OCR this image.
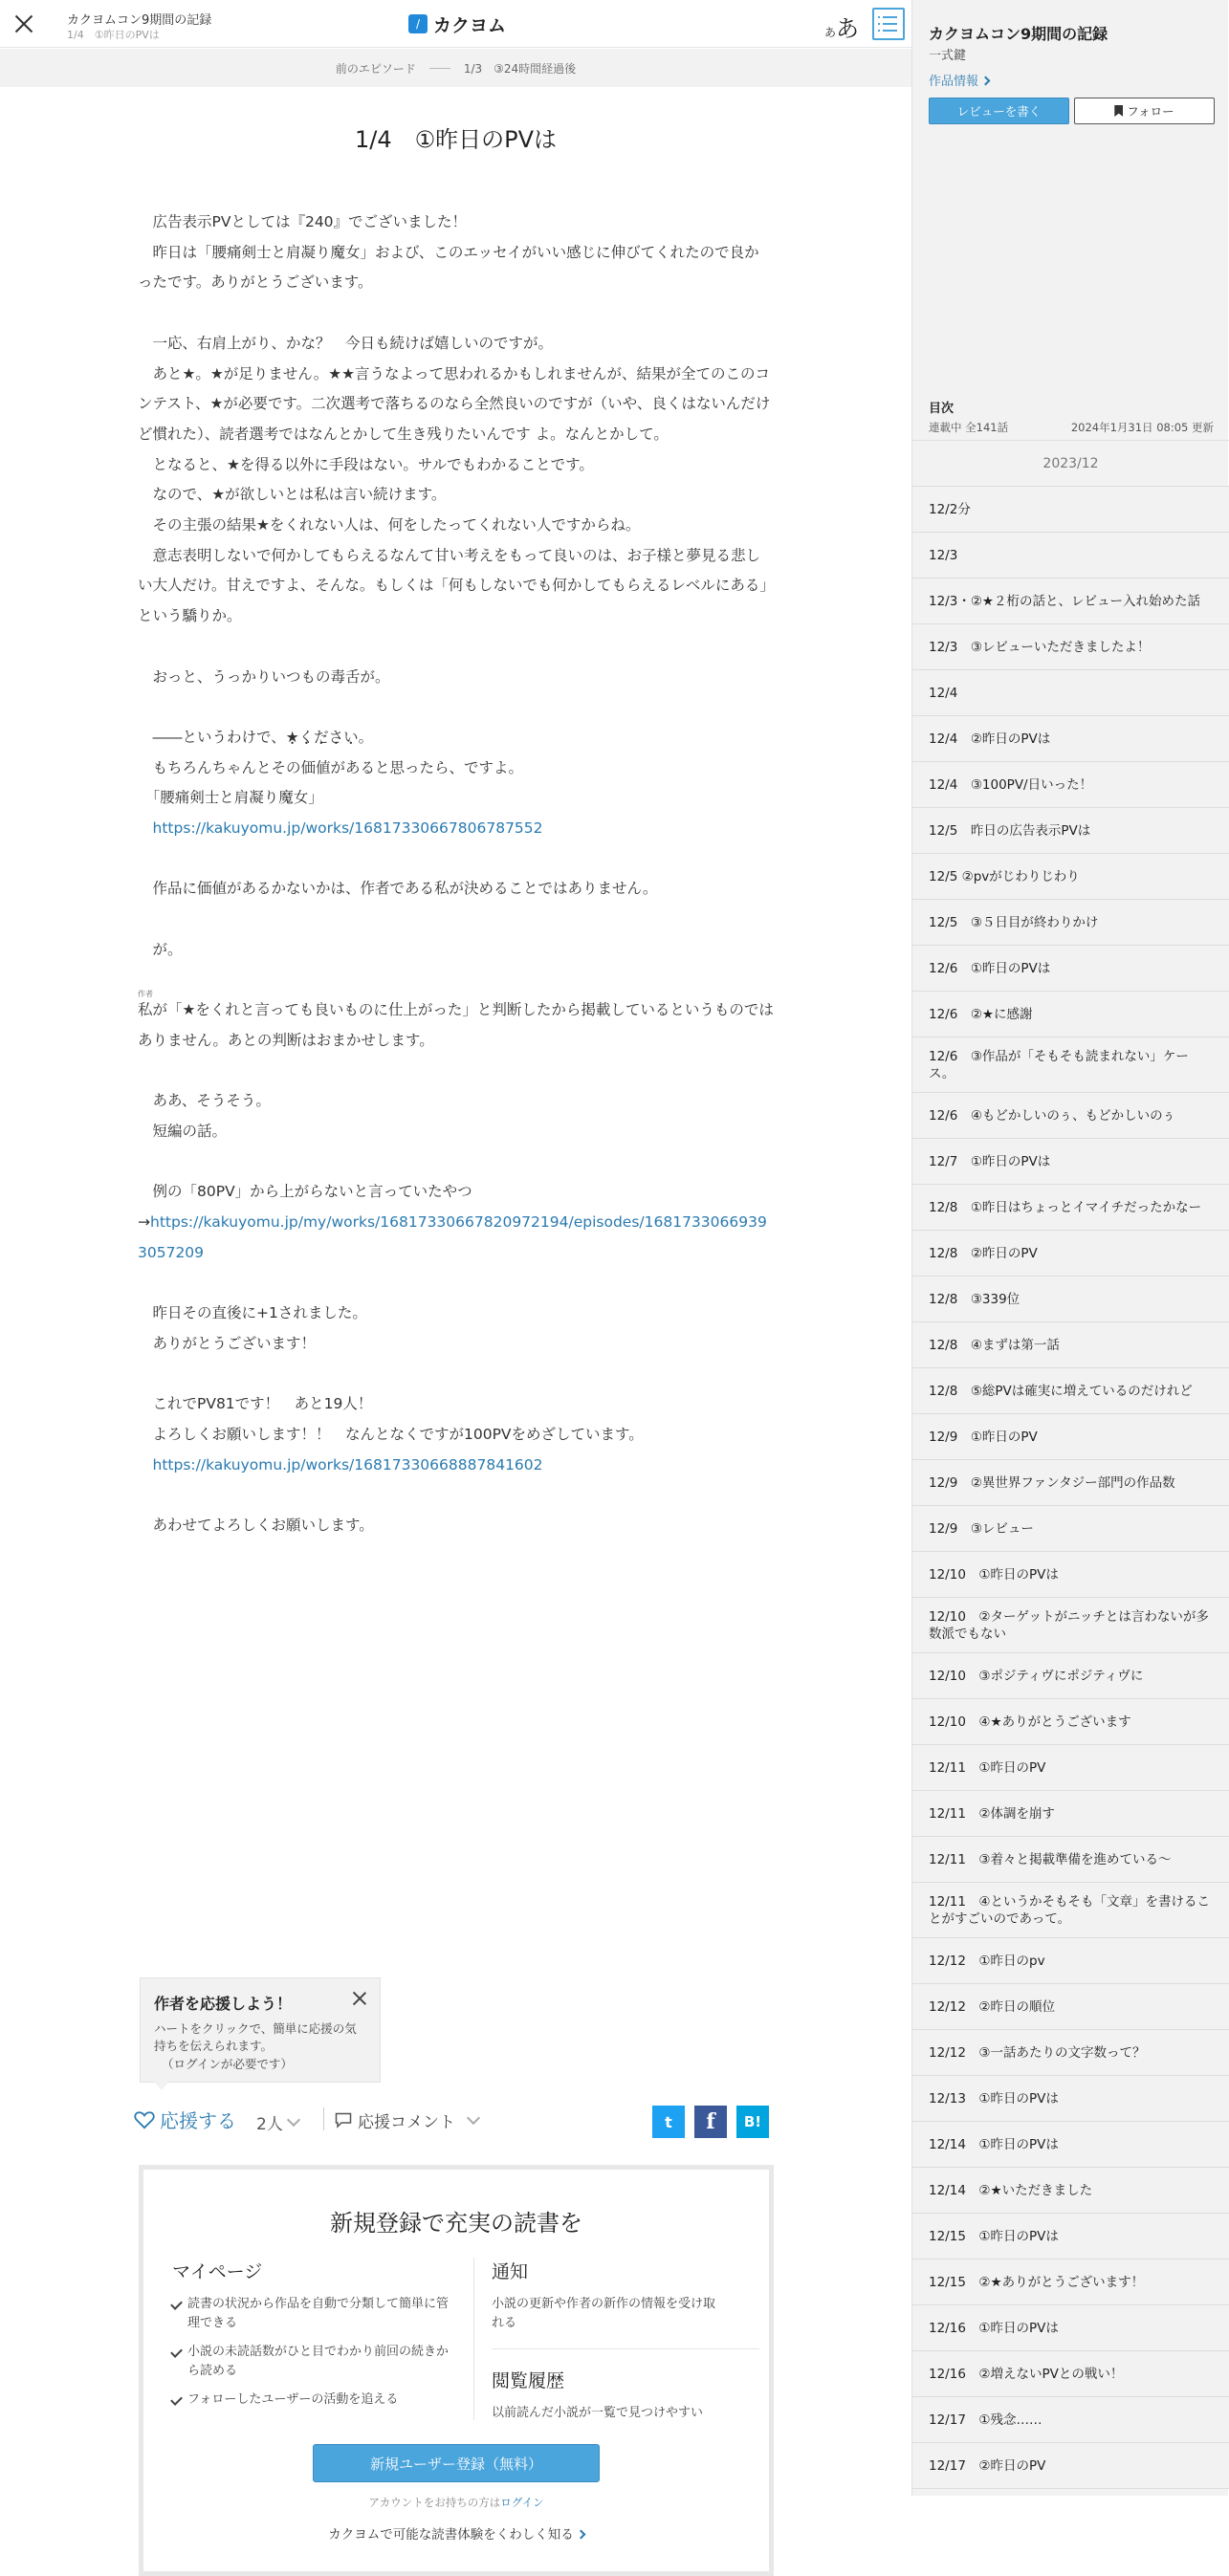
カクヨムコン9期間の記録
1/4　①昨日のPVは
/ カクヨム	ああ
前のエピソード	1/3　③24時間経過後
1/4　①昨日のPVは

　広告表示PVとしては『240』でございました！

　昨日は「腰痛剣士と肩凝り魔女」および、このエッセイがいい感じに伸びてくれたので良かったです。ありがとうございます。

　一応、右肩上がり、かな？　今日も続けば嬉しいのですが。

　あと★。★が足りません。★★言うなよって思われるかもしれませんが、結果が全てのこのコンテスト、★が必要です。二次選考で落ちるのなら全然良いのですが（いや、良くはないんだけど慣れた）、読者選考ではなんとかして生き残りたいんです よ。なんとかして。

　となると、★を得る以外に手段はない。サルでもわかることです。

　なので、★が欲しいとは私は言い続けます。

　その主張の結果★をくれない人は、何をしたってくれない人ですからね。

　意志表明しないで何かしてもらえるなんて甘い考えをもって良いのは、お子様と夢見る悲しい大人だけ。甘えですよ、そんな。もしくは「何もしないでも何かしてもらえるレベルにある」という驕りか。

　おっと、うっかりいつもの毒舌が。

　――というわけで、★ •ください。

　もちろんちゃんとその価値があると思ったら、ですよ。

　「腰痛剣士と肩凝り魔女」

　https://kakuyomu.jp/works/16817330667806787552

　作品に価値があるかないかは、作者である私が決めることではありません。

　が。

作者
私が「★をくれと言っても良いものに仕上がった」と判断したから掲載しているというものではありません。あとの判断はおまかせします。

　ああ、そうそう。

　短編の話。

　例の「80PV」から上がらないと言っていたやつ

→https://kakuyomu.jp/my/works/16817330667820972194/episodes/16817330669393057209

　昨日その直後に+1されました。

　ありがとうございます！

　これでPV81です！　あと19人！

　よろしくお願いします！！　なんとなくですが100PVをめざしています。

　https://kakuyomu.jp/works/16817330668887841602

　あわせてよろしくお願いします。

作者を応援しよう！
ハートをクリックで、簡単に応援の気持ちを伝えられます。
（ログインが必要です）
応援する 2人	応援コメント	t	f	B!
新規登録で充実の読書を
マイページ
読書の状況から作品を自動で分類して簡単に管理できる
小説の未読話数がひと目でわかり前回の続きから読める
フォローしたユーザーの活動を追える
通知
小説の更新や作者の新作の情報を受け取れる
閲覧履歴
以前読んだ小説が一覧で見つけやすい
新規ユーザー登録（無料）
アカウントをお持ちの方はログイン
カクヨムで可能な読書体験をくわしく知る
カクヨムコン9期間の記録
一式鍵
作品情報
レビューを書く	フォロー
目次
連載中 全141話	2024年1月31日 08:05 更新
2023/12
12/2分
12/3
12/3・②★２桁の話と、レビュー入れ始めた話
12/3　③レビューいただきましたよ！
12/4
12/4　②昨日のPVは
12/4　③100PV/日いった！
12/5　昨日の広告表示PVは
12/5 ②pvがじわりじわり
12/5　③５日目が終わりかけ
12/6　①昨日のPVは
12/6　②★に感謝
12/6　③作品が「そもそも読まれない」ケース。
12/6　④もどかしいのぅ、もどかしいのぅ
12/7　①昨日のPVは
12/8　①昨日はちょっとイマイチだったかなー
12/8　②昨日のPV
12/8　③339位
12/8　④まずは第一話
12/8　⑤総PVは確実に増えているのだけれど
12/9　①昨日のPV
12/9　②異世界ファンタジー部門の作品数
12/9　③レビュー
12/10　①昨日のPVは
12/10　②ターゲットがニッチとは言わないが多数派でもない
12/10　③ポジティヴにポジティヴに
12/10　④★ありがとうございます
12/11　①昨日のPV
12/11　②体調を崩す
12/11　③着々と掲載準備を進めている～
12/11　④というかそもそも「文章」を書けることがすごいのであって。
12/12　①昨日のpv
12/12　②昨日の順位
12/12　③一話あたりの文字数って？
12/13　①昨日のPVは
12/14　①昨日のPVは
12/14　②★いただきました
12/15　①昨日のPVは
12/15　②★ありがとうございます！
12/16　①昨日のPVは
12/16　②増えないPVとの戦い！
12/17　①残念……
12/17　②昨日のPV
